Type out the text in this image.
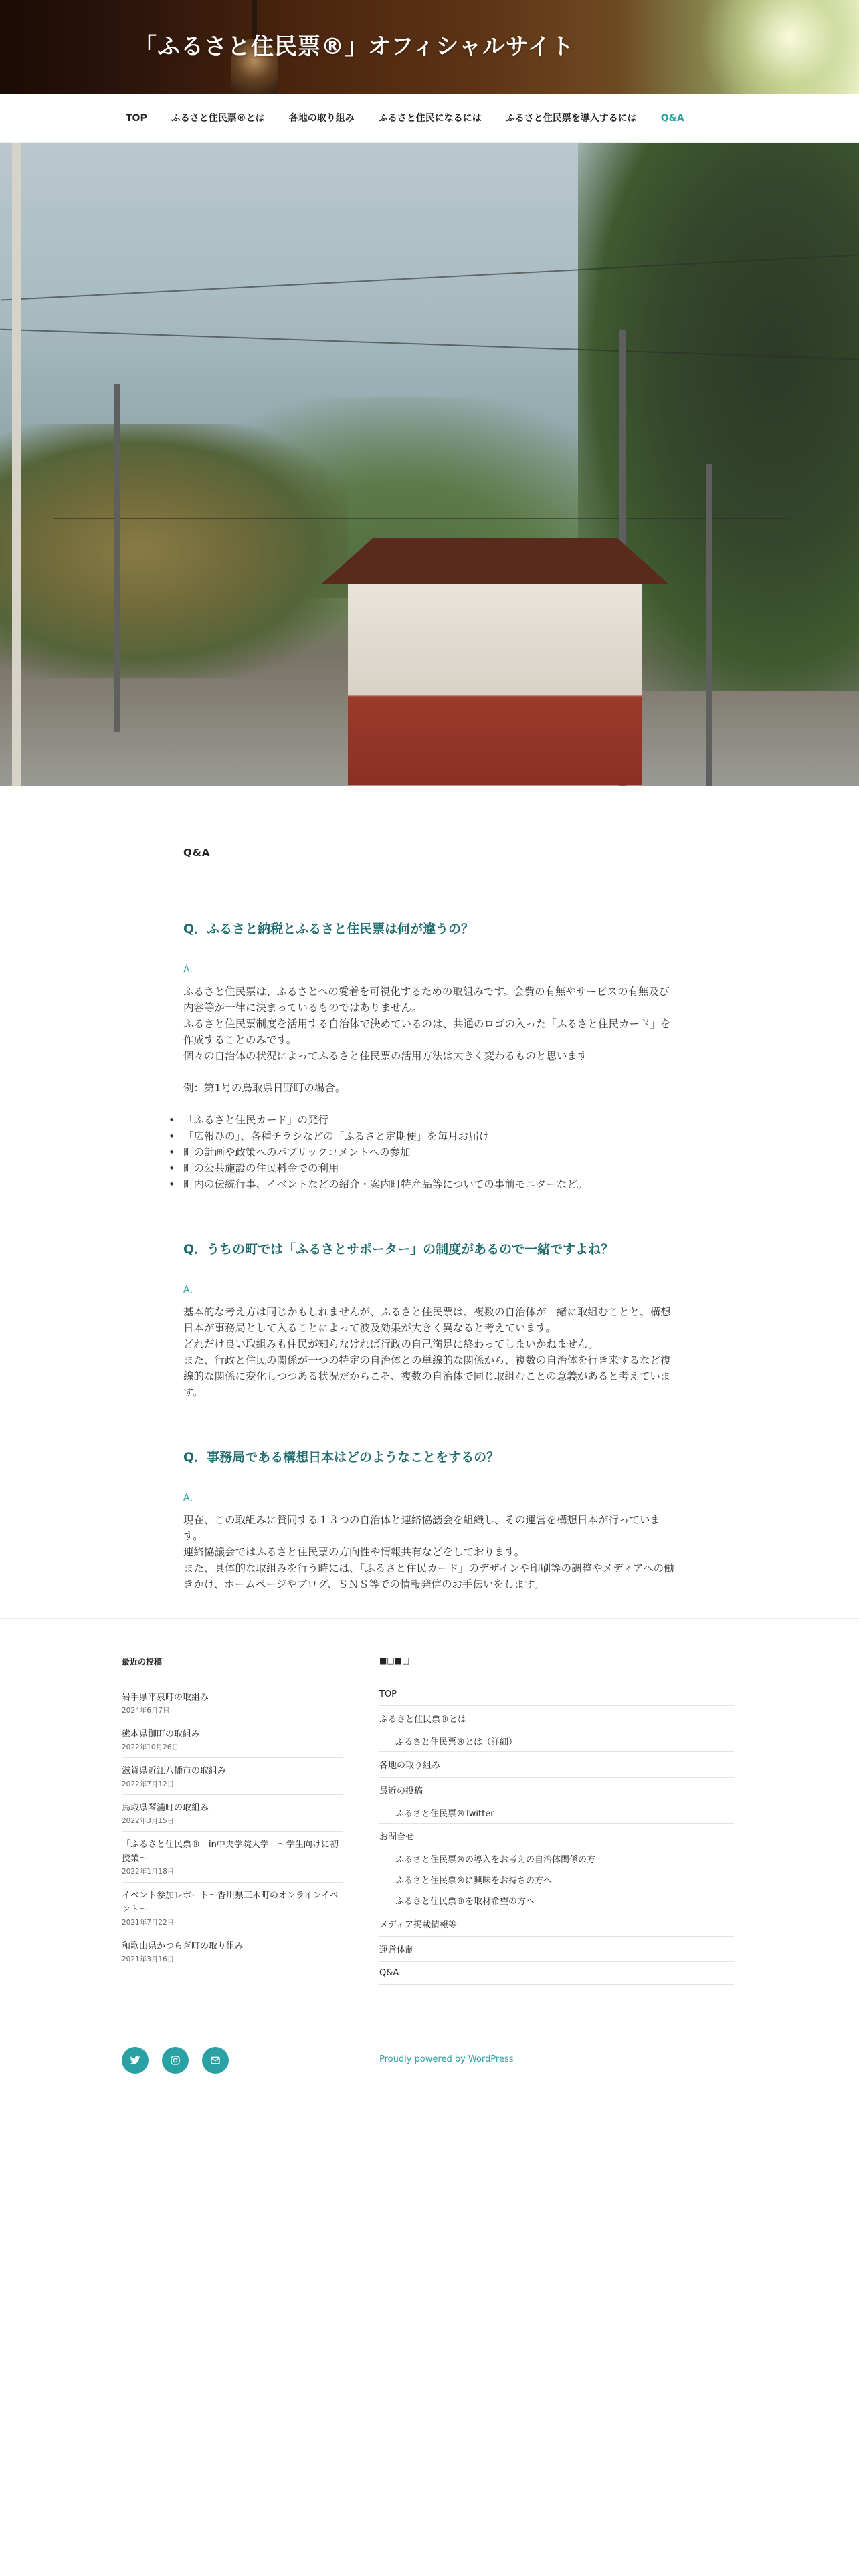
「ふるさと住民票®」オフィシャルサイト
TOP	ふるさと住民票®とは	各地の取り組み	ふるさと住民になるには	ふるさと住民票を導入するには	Q&A
Q&A
Q．ふるさと納税とふるさと住民票は何が違うの？

A．

ふるさと住民票は、ふるさとへの愛着を可視化するための取組みです。会費の有無やサービスの有無及び内容等が一律に決まっているものではありません。

ふるさと住民票制度を活用する自治体で決めているのは、共通のロゴの入った「ふるさと住民カード」を作成することのみです。

個々の自治体の状況によってふるさと住民票の活用方法は大きく変わるものと思います

例：第1号の鳥取県日野町の場合。

• 「ふるさと住民カード」の発行
• 「広報ひの」、各種チラシなどの「ふるさと定期便」を毎月お届け
• 町の計画や政策へのパブリックコメントへの参加
• 町の公共施設の住民料金での利用
• 町内の伝統行事、イベントなどの紹介・案内町特産品等についての事前モニターなど。
Q．うちの町では「ふるさとサポーター」の制度があるので一緒ですよね？

A．

基本的な考え方は同じかもしれませんが、ふるさと住民票は、複数の自治体が一緒に取組むことと、構想日本が事務局として入ることによって波及効果が大きく異なると考えています。

どれだけ良い取組みも住民が知らなければ行政の自己満足に終わってしまいかねません。

また、行政と住民の関係が一つの特定の自治体との単線的な関係から、複数の自治体を行き来するなど複線的な関係に変化しつつある状況だからこそ、複数の自治体で同じ取組むことの意義があると考えています。

Q．事務局である構想日本はどのようなことをするの？

A．

現在、この取組みに賛同する１３つの自治体と連絡協議会を組織し、その運営を構想日本が行っています。

連絡協議会ではふるさと住民票の方向性や情報共有などをしております。

また、具体的な取組みを行う時には、「ふるさと住民カード」のデザインや印刷等の調整やメディアへの働きかけ、ホームページやブログ、ＳＮＳ等での情報発信のお手伝いをします。

最近の投稿
岩手県平泉町の取組み
2024年6月7日
熊本県御町の取組み
2022年10月26日
滋賀県近江八幡市の取組み
2022年7月12日
鳥取県琴浦町の取組み
2022年3月15日
「ふるさと住民票®」in中央学院大学　〜学生向けに初授業〜
2022年1月18日
イベント参加レポート〜香川県三木町のオンラインイベント〜
2021年7月22日
和歌山県かつらぎ町の取り組み
2021年3月16日
■□■□
TOP
ふるさと住民票®とは
ふるさと住民票®とは（詳細）
各地の取り組み
最近の投稿
ふるさと住民票®Twitter
お問合せ
ふるさと住民票®の導入をお考えの自治体関係の方
ふるさと住民票®に興味をお持ちの方へ
ふるさと住民票®を取材希望の方へ
メディア掲載情報等
運営体制
Q&A
Proudly powered by WordPress
